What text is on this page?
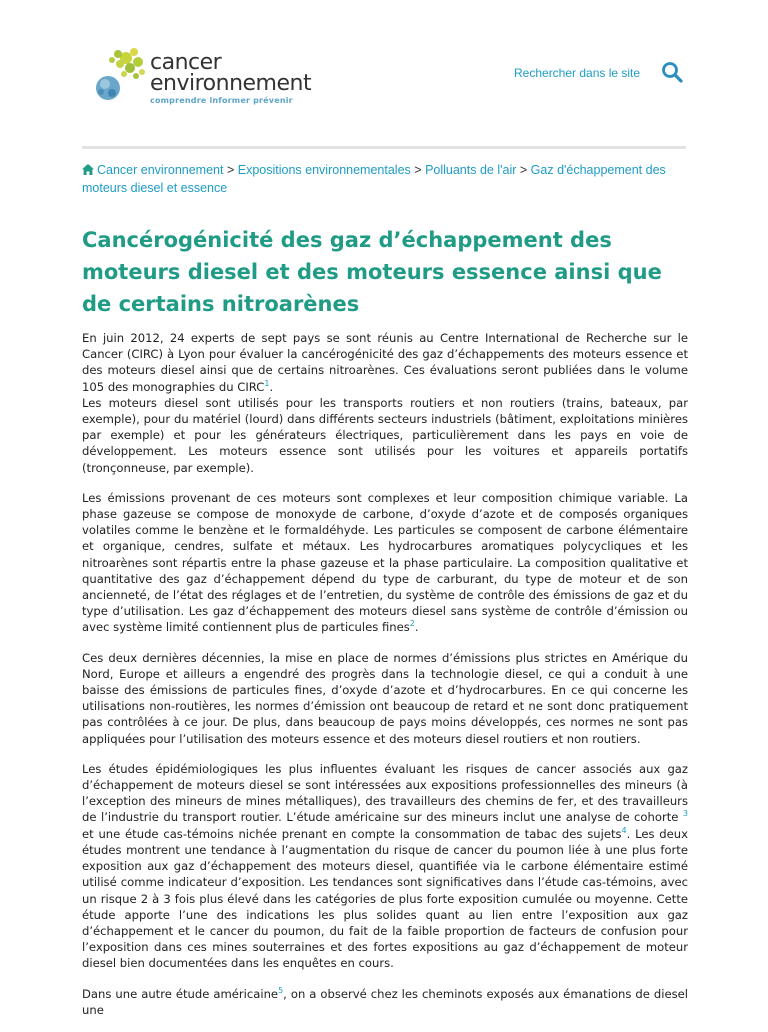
cancer
environnement
comprendre informer prévenir
Rechercher dans le site
Cancer environnement > Expositions environnementales > Polluants de l'air > Gaz d'échappement des moteurs diesel et essence
Cancérogénicité des gaz d’échappement des moteurs diesel et des moteurs essence ainsi que de certains nitroarènes

En juin 2012, 24 experts de sept pays se sont réunis au Centre International de Recherche sur le Cancer (CIRC) à Lyon pour évaluer la cancérogénicité des gaz d’échappements des moteurs essence et des moteurs diesel ainsi que de certains nitroarènes. Ces évaluations seront publiées dans le volume 105 des monographies du CIRC$^1$.
Les moteurs diesel sont utilisés pour les transports routiers et non routiers (trains, bateaux, par exemple), pour du matériel (lourd) dans différents secteurs industriels (bâtiment, exploitations minières par exemple) et pour les générateurs électriques, particulièrement dans les pays en voie de développement. Les moteurs essence sont utilisés pour les voitures et appareils portatifs (tronçonneuse, par exemple).

Les émissions provenant de ces moteurs sont complexes et leur composition chimique variable. La phase gazeuse se compose de monoxyde de carbone, d’oxyde d’azote et de composés organiques volatiles comme le benzène et le formaldéhyde. Les particules se composent de carbone élémentaire et organique, cendres, sulfate et métaux. Les hydrocarbures aromatiques polycycliques et les nitroarènes sont répartis entre la phase gazeuse et la phase particulaire. La composition qualitative et quantitative des gaz d’échappement dépend du type de carburant, du type de moteur et de son ancienneté, de l’état des réglages et de l’entretien, du système de contrôle des émissions de gaz et du type d’utilisation. Les gaz d’échappement des moteurs diesel sans système de contrôle d’émission ou avec système limité contiennent plus de particules fines$^2$.

Ces deux dernières décennies, la mise en place de normes d’émissions plus strictes en Amérique du Nord, Europe et ailleurs a engendré des progrès dans la technologie diesel, ce qui a conduit à une baisse des émissions de particules fines, d’oxyde d’azote et d’hydrocarbures. En ce qui concerne les utilisations non-routières, les normes d’émission ont beaucoup de retard et ne sont donc pratiquement pas contrôlées à ce jour. De plus, dans beaucoup de pays moins développés, ces normes ne sont pas appliquées pour l’utilisation des moteurs essence et des moteurs diesel routiers et non routiers.

Les études épidémiologiques les plus influentes évaluant les risques de cancer associés aux gaz d’échappement de moteurs diesel se sont intéressées aux expositions professionnelles des mineurs (à l’exception des mineurs de mines métalliques), des travailleurs des chemins de fer, et des travailleurs de l’industrie du transport routier. L’étude américaine sur des mineurs inclut une analyse de cohorte $^3$ et une étude cas-témoins nichée prenant en compte la consommation de tabac des sujets$^4$. Les deux études montrent une tendance à l’augmentation du risque de cancer du poumon liée à une plus forte exposition aux gaz d’échappement des moteurs diesel, quantifiée via le carbone élémentaire estimé utilisé comme indicateur d’exposition. Les tendances sont significatives dans l’étude cas-témoins, avec un risque 2 à 3 fois plus élevé dans les catégories de plus forte exposition cumulée ou moyenne. Cette étude apporte l’une des indications les plus solides quant au lien entre l’exposition aux gaz d’échappement et le cancer du poumon, du fait de la faible proportion de facteurs de confusion pour l’exposition dans ces mines souterraines et des fortes expositions au gaz d’échappement de moteur diesel bien documentées dans les enquêtes en cours.

Dans une autre étude américaine$^5$, on a observé chez les cheminots exposés aux émanations de diesel une
